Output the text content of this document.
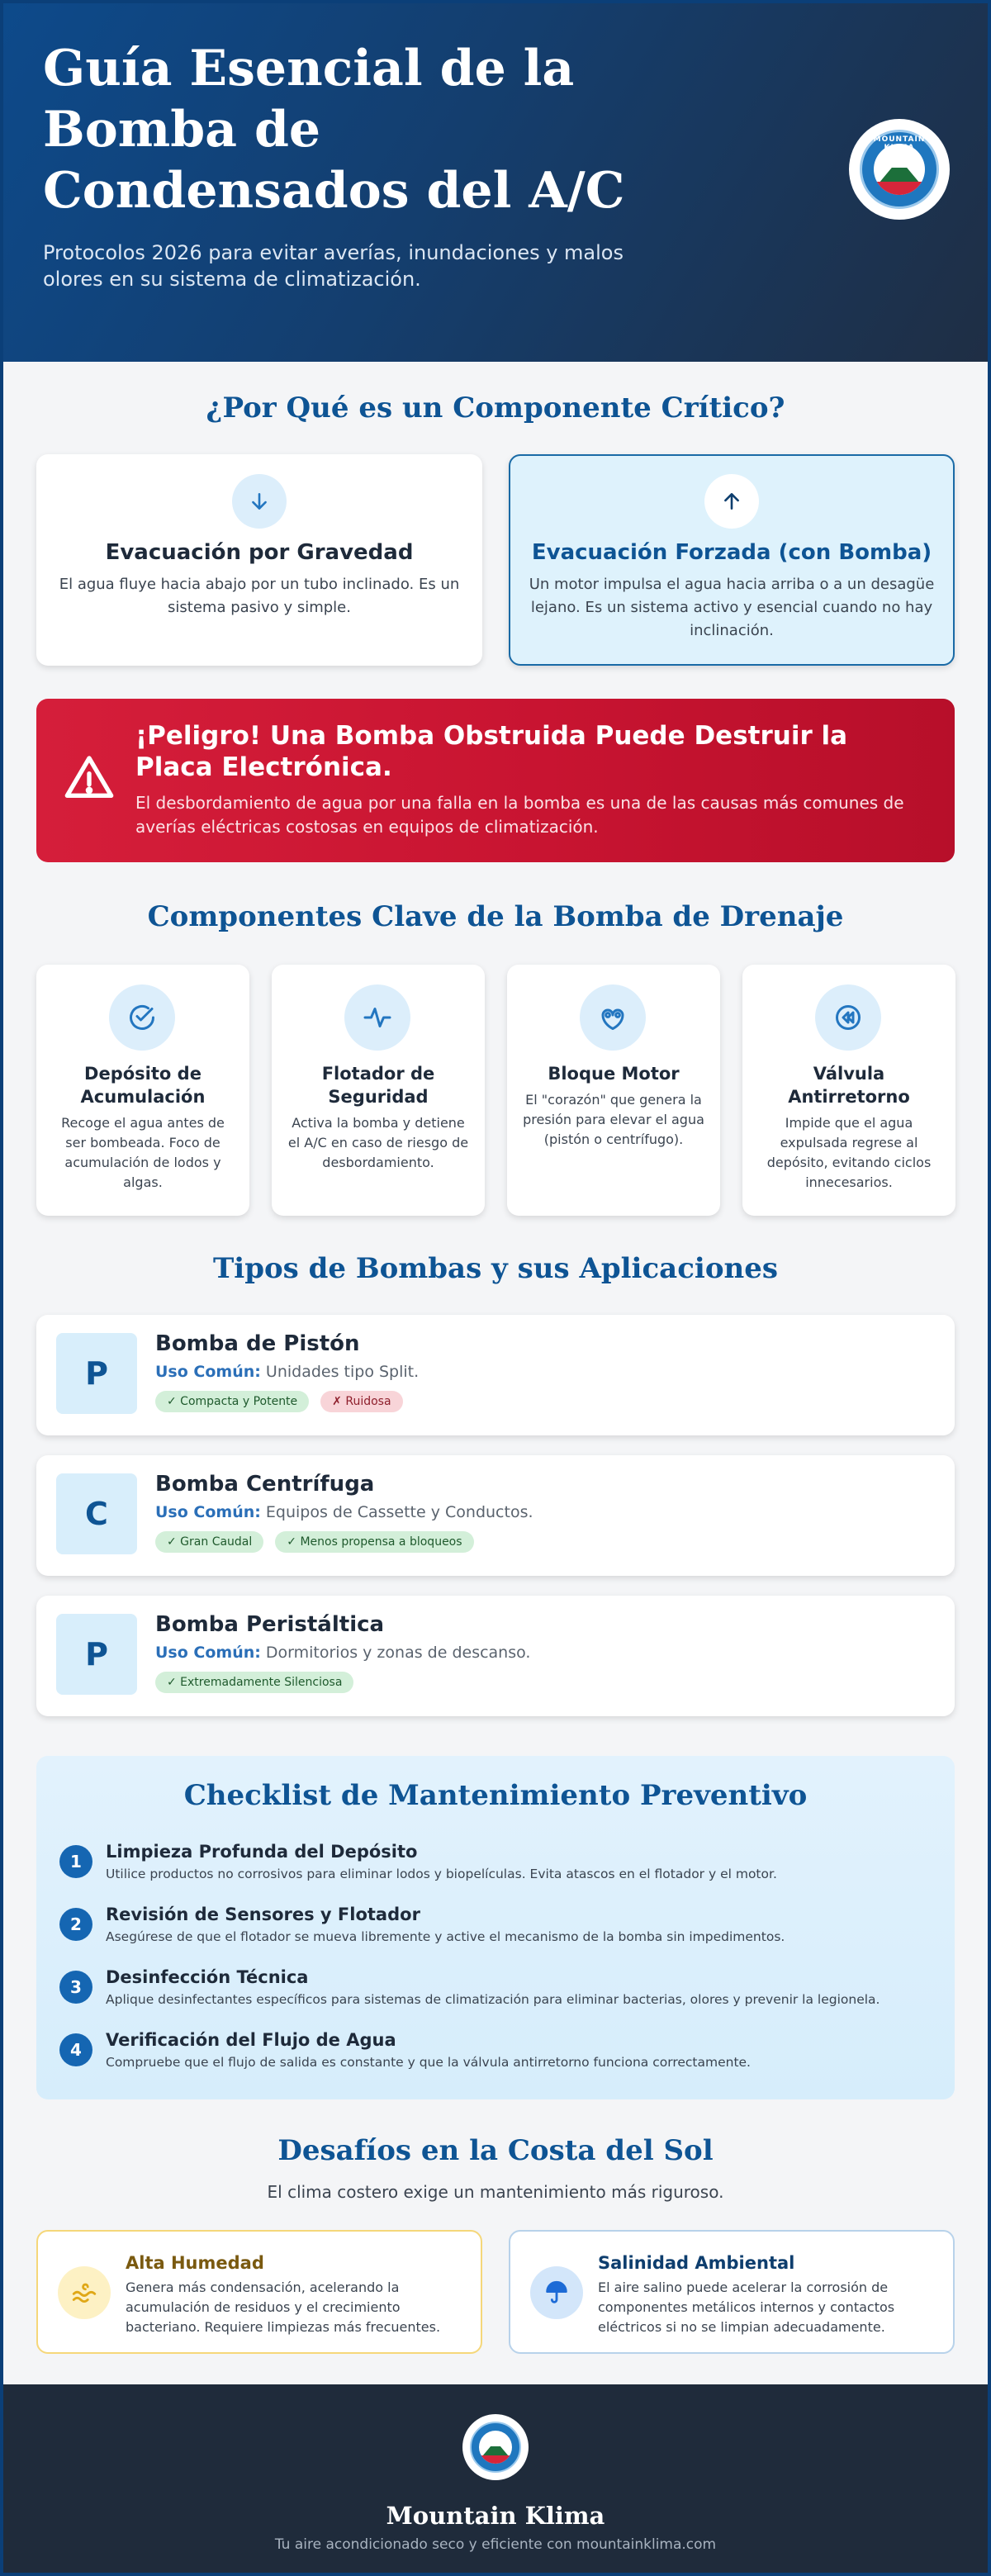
Guía Esencial de la Bomba de Condensados del A/C

Protocolos 2026 para evitar averías, inundaciones y malos olores en su sistema de climatización.

MOUNTAIN
¿Por Qué es un Componente Crítico?
Evacuación por Gravedad

El agua fluye hacia abajo por un tubo inclinado. Es un sistema pasivo y simple.

Evacuación Forzada (con Bomba)

Un motor impulsa el agua hacia arriba o a un desagüe lejano. Es un sistema activo y esencial cuando no hay inclinación.

¡Peligro! Una Bomba Obstruida Puede Destruir la Placa Electrónica.

El desbordamiento de agua por una falla en la bomba es una de las causas más comunes de averías eléctricas costosas en equipos de climatización.

Componentes Clave de la Bomba de Drenaje
Depósito de Acumulación

Recoge el agua antes de ser bombeada. Foco de acumulación de lodos y algas.

Flotador de Seguridad

Activa la bomba y detiene el A/C en caso de riesgo de desbordamiento.

Bloque Motor

El "corazón" que genera la presión para elevar el agua (pistón o centrífugo).

Válvula Antirretorno

Impide que el agua expulsada regrese al depósito, evitando ciclos innecesarios.

Tipos de Bombas y sus Aplicaciones
P
Bomba de Pistón
Uso Común: Unidades tipo Split.
✓ Compacta y Potente	✗ Ruidosa
C
Bomba Centrífuga
Uso Común: Equipos de Cassette y Conductos.
✓ Gran Caudal	✓ Menos propensa a bloqueos
P
Bomba Peristáltica
Uso Común: Dormitorios y zonas de descanso.
✓ Extremadamente Silenciosa
Checklist de Mantenimiento Preventivo
1	Limpieza Profunda del Depósito

Utilice productos no corrosivos para eliminar lodos y biopelículas. Evita atascos en el flotador y el motor.

2	Revisión de Sensores y Flotador

Asegúrese de que el flotador se mueva libremente y active el mecanismo de la bomba sin impedimentos.

3	Desinfección Técnica

Aplique desinfectantes específicos para sistemas de climatización para eliminar bacterias, olores y prevenir la legionela.

4	Verificación del Flujo de Agua

Compruebe que el flujo de salida es constante y que la válvula antirretorno funciona correctamente.

Desafíos en la Costa del Sol

El clima costero exige un mantenimiento más riguroso.

Alta Humedad

Genera más condensación, acelerando la acumulación de residuos y el crecimiento bacteriano. Requiere limpiezas más frecuentes.

Salinidad Ambiental

El aire salino puede acelerar la corrosión de componentes metálicos internos y contactos eléctricos si no se limpian adecuadamente.

Mountain Klima
Tu aire acondicionado seco y eficiente con mountainklima.com
